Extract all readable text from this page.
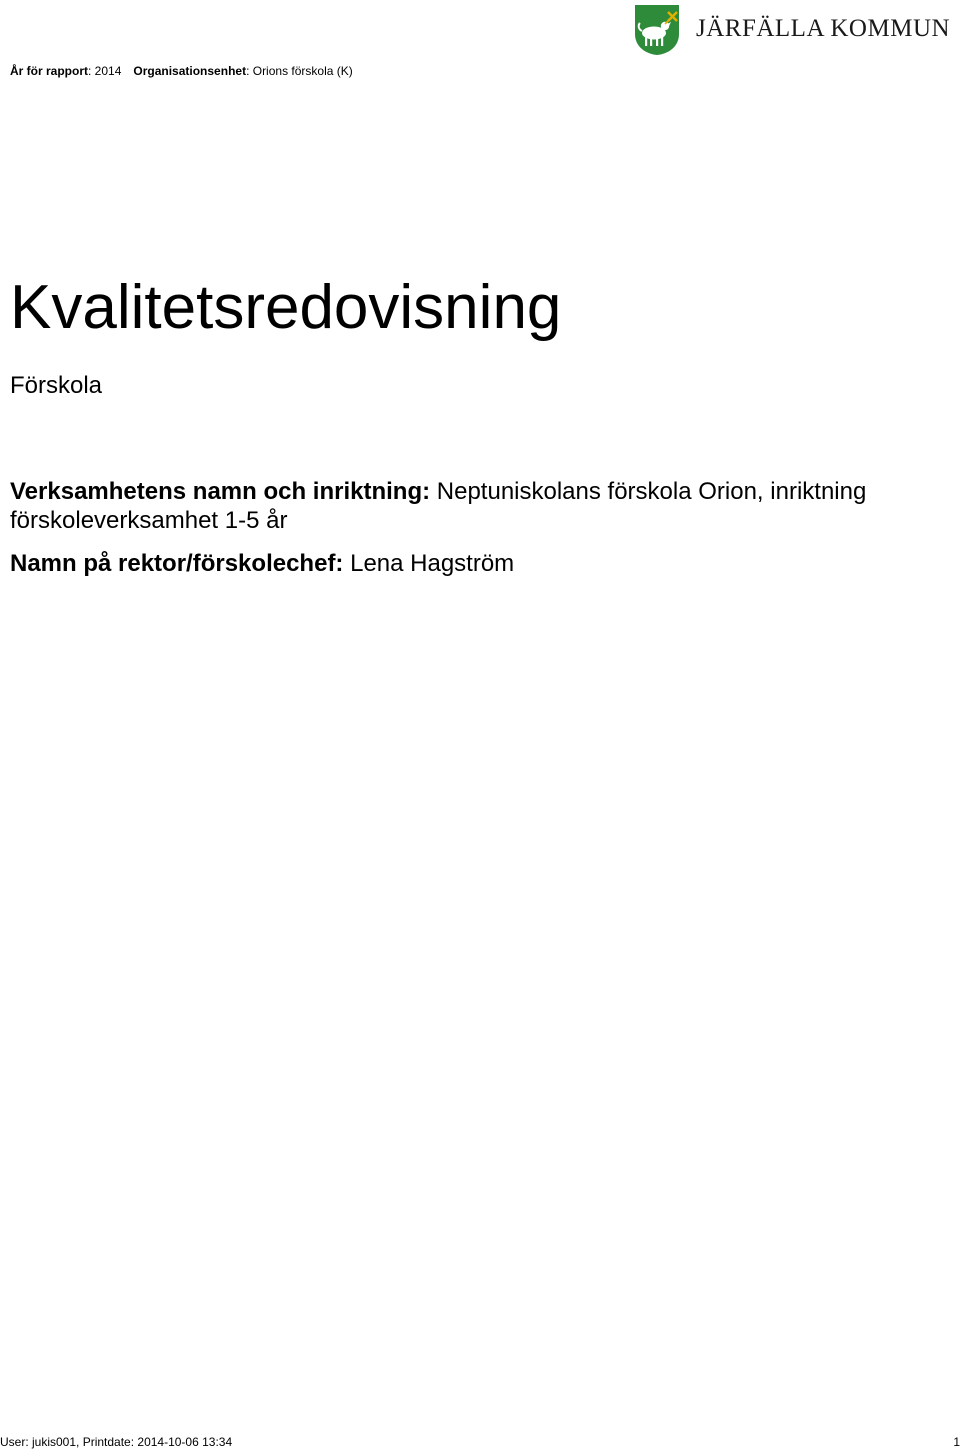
År för rapport: 2014 Organisationsenhet: Orions förskola (K)
JÄRFÄLLA KOMMUN
Kvalitetsredovisning
Förskola
Verksamhetens namn och inriktning: Neptuniskolans förskola Orion, inriktning förskoleverksamhet 1-5 år
Namn på rektor/förskolechef: Lena Hagström
User: jukis001, Printdate: 2014-10-06 13:34	1
